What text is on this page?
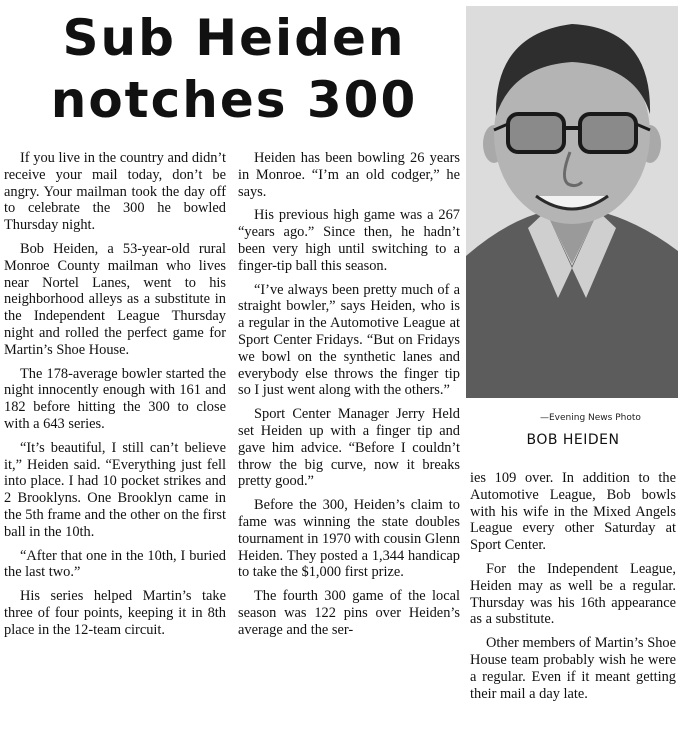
Sub Heiden
notches 300

If you live in the country and didn’t receive your mail today, don’t be angry. Your mailman took the day off to celebrate the 300 he bowled Thursday night.

Bob Heiden, a 53-year-old rural Monroe County mailman who lives near Nortel Lanes, went to his neighborhood alleys as a substitute in the Independent League Thursday night and rolled the perfect game for Martin’s Shoe House.

The 178-average bowler started the night innocently enough with 161 and 182 before hitting the 300 to close with a 643 series.

“It’s beautiful, I still can’t believe it,” Heiden said. “Everything just fell into place. I had 10 pocket strikes and 2 Brooklyns. One Brooklyn came in the 5th frame and the other on the first ball in the 10th.

“After that one in the 10th, I buried the last two.”

His series helped Martin’s take three of four points, keeping it in 8th place in the 12-team circuit.

Heiden has been bowling 26 years in Monroe. “I’m an old codger,” he says.

His previous high game was a 267 “years ago.” Since then, he hadn’t been very high until switching to a finger-tip ball this season.

“I’ve always been pretty much of a straight bowler,” says Heiden, who is a regular in the Automotive League at Sport Center Fridays. “But on Fridays we bowl on the synthetic lanes and everybody else throws the finger tip so I just went along with the others.”

Sport Center Manager Jerry Held set Heiden up with a finger tip and gave him advice. “Before I couldn’t throw the big curve, now it breaks pretty good.”

Before the 300, Heiden’s claim to fame was winning the state doubles tournament in 1970 with cousin Glenn Heiden. They posted a 1,344 handicap to take the $1,000 first prize.

The fourth 300 game of the local season was 122 pins over Heiden’s average and the ser-

—Evening News Photo
BOB HEIDEN

ies 109 over. In addition to the Automotive League, Bob bowls with his wife in the Mixed Angels League every other Saturday at Sport Center.

For the Independent League, Heiden may as well be a regular. Thursday was his 16th appearance as a substitute.

Other members of Martin’s Shoe House team probably wish he were a regular. Even if it meant getting their mail a day late.
